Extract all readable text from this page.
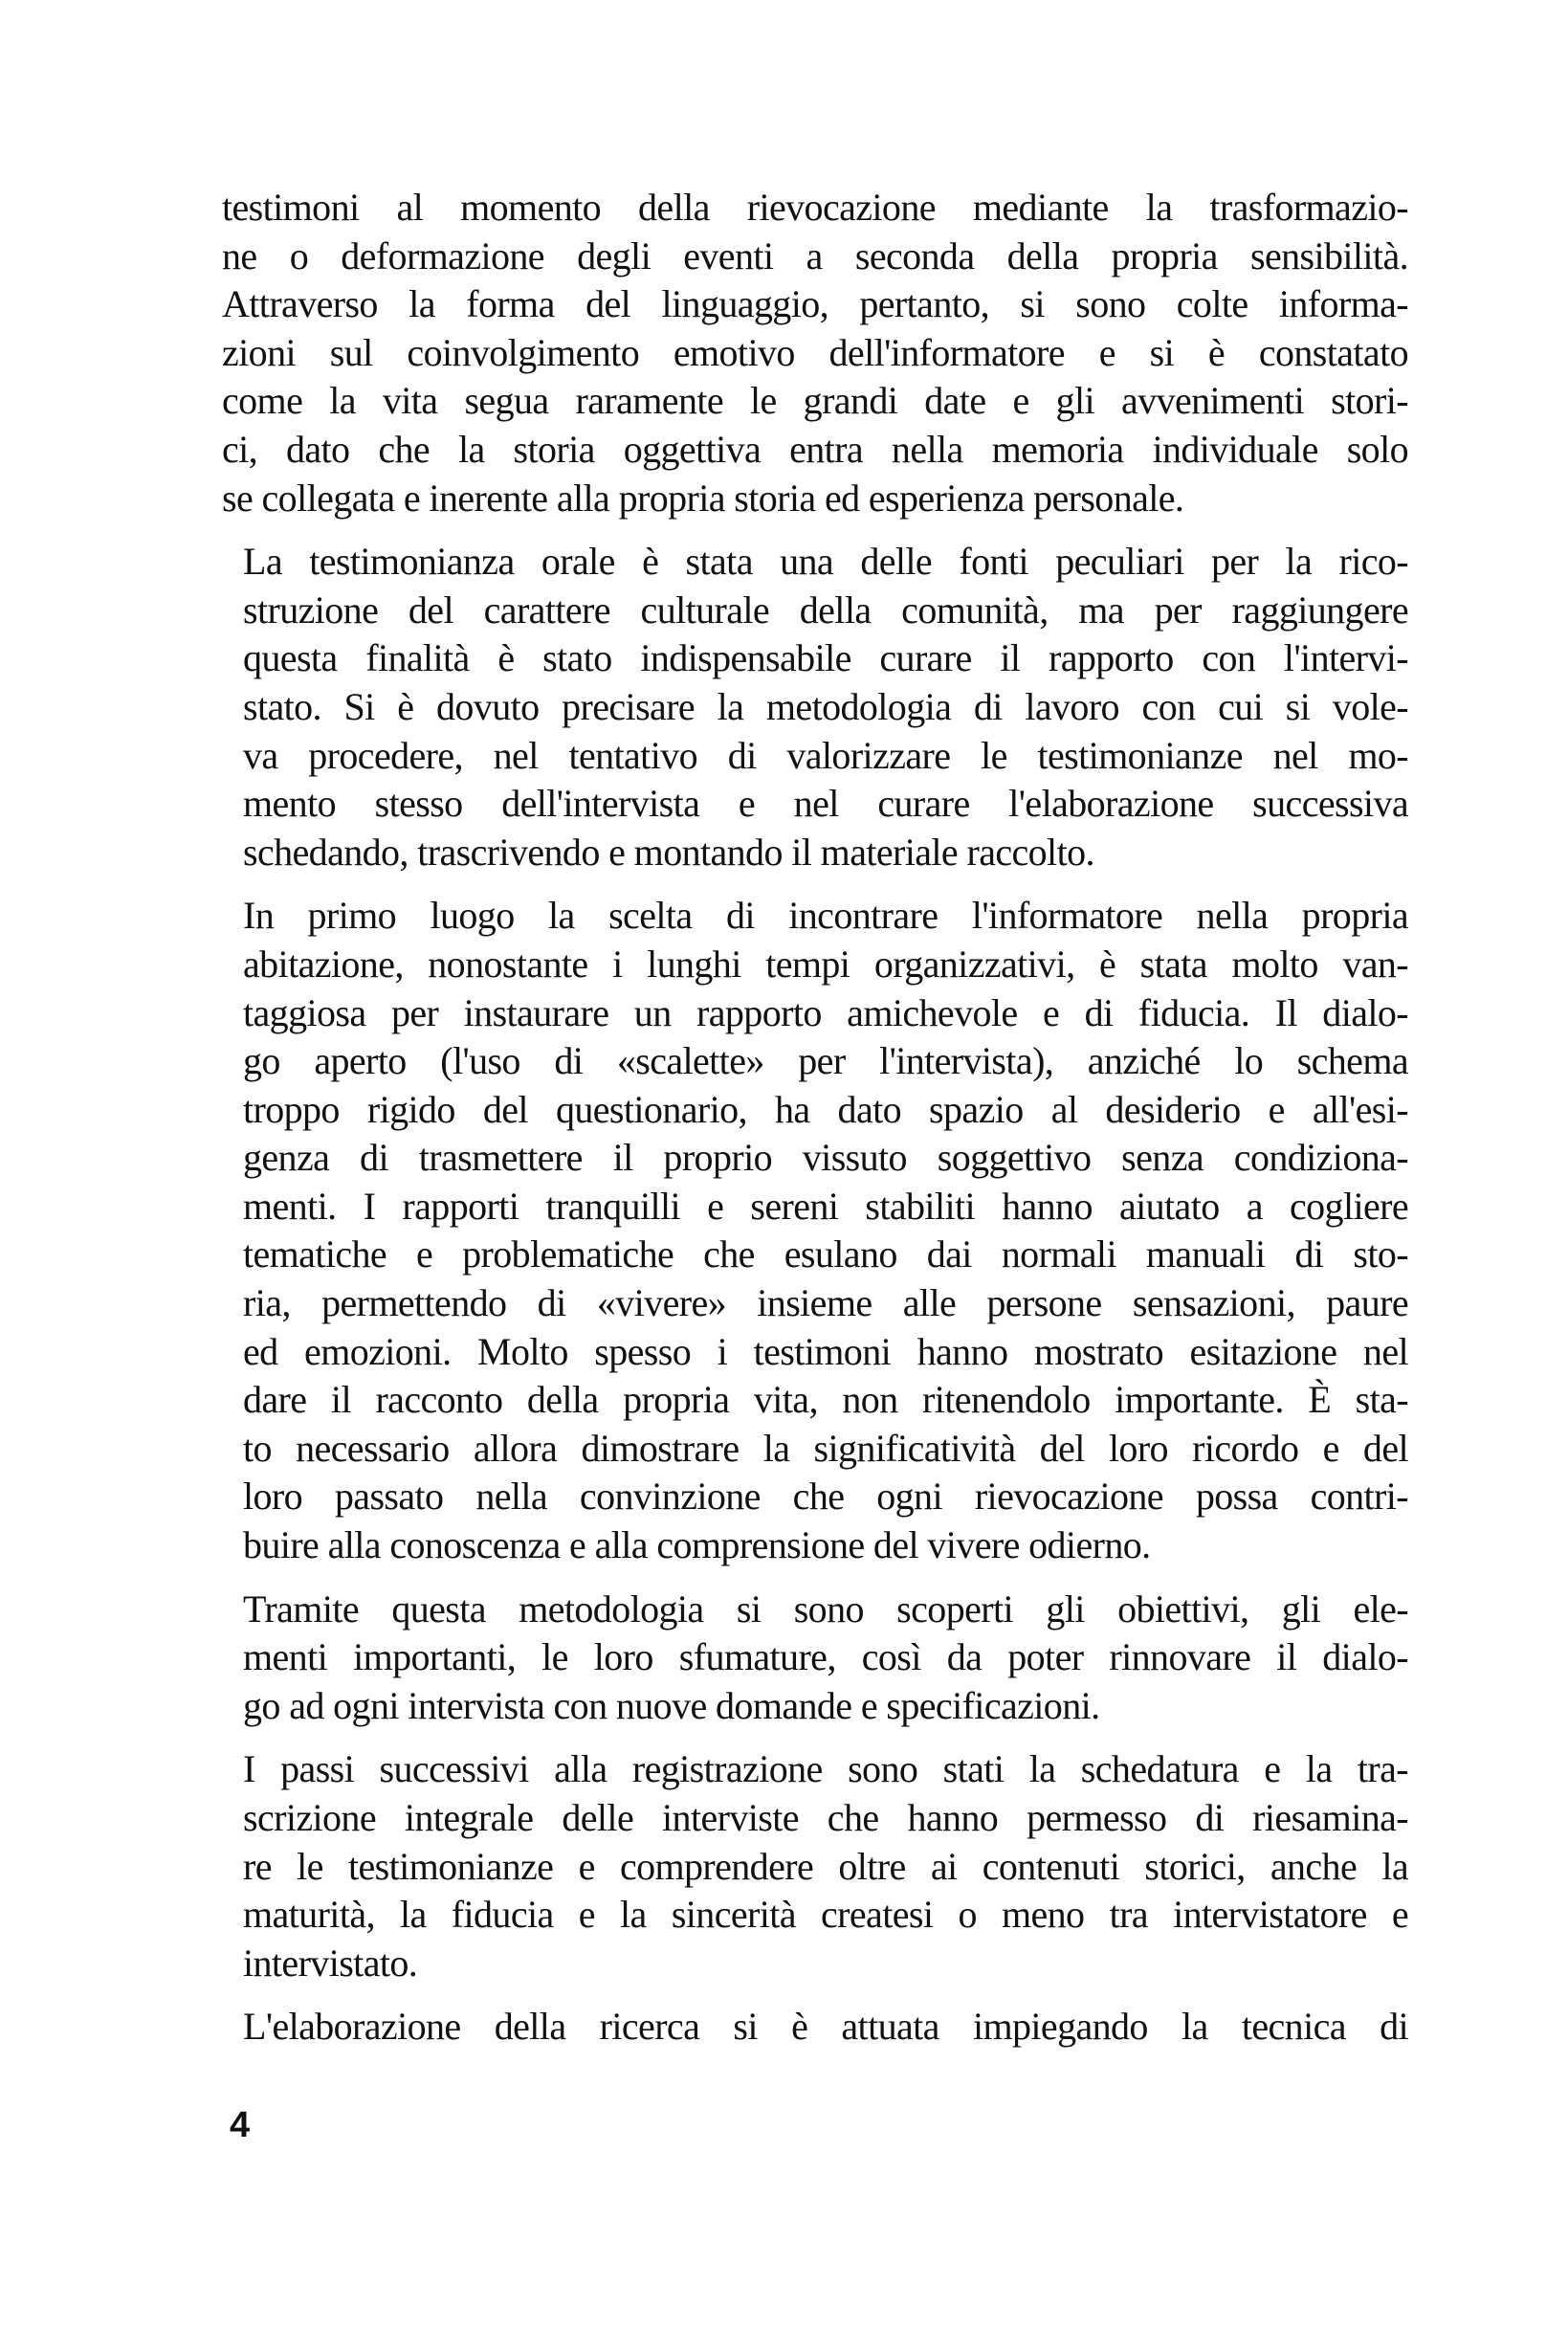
testimoni al momento della rievocazione mediante la trasformazio-
ne o deformazione degli eventi a seconda della propria sensibilità.
Attraverso la forma del linguaggio, pertanto, si sono colte informa-
zioni sul coinvolgimento emotivo dell'informatore e si è constatato
come la vita segua raramente le grandi date e gli avvenimenti stori-
ci, dato che la storia oggettiva entra nella memoria individuale solo
se collegata e inerente alla propria storia ed esperienza personale.

La testimonianza orale è stata una delle fonti peculiari per la rico-
struzione del carattere culturale della comunità, ma per raggiungere
questa finalità è stato indispensabile curare il rapporto con l'intervi-
stato. Si è dovuto precisare la metodologia di lavoro con cui si vole-
va procedere, nel tentativo di valorizzare le testimonianze nel mo-
mento stesso dell'intervista e nel curare l'elaborazione successiva
schedando, trascrivendo e montando il materiale raccolto.

In primo luogo la scelta di incontrare l'informatore nella propria
abitazione, nonostante i lunghi tempi organizzativi, è stata molto van-
taggiosa per instaurare un rapporto amichevole e di fiducia. Il dialo-
go aperto (l'uso di «scalette» per l'intervista), anziché lo schema
troppo rigido del questionario, ha dato spazio al desiderio e all'esi-
genza di trasmettere il proprio vissuto soggettivo senza condiziona-
menti. I rapporti tranquilli e sereni stabiliti hanno aiutato a cogliere
tematiche e problematiche che esulano dai normali manuali di sto-
ria, permettendo di «vivere» insieme alle persone sensazioni, paure
ed emozioni. Molto spesso i testimoni hanno mostrato esitazione nel
dare il racconto della propria vita, non ritenendolo importante. È sta-
to necessario allora dimostrare la significatività del loro ricordo e del
loro passato nella convinzione che ogni rievocazione possa contri-
buire alla conoscenza e alla comprensione del vivere odierno.

Tramite questa metodologia si sono scoperti gli obiettivi, gli ele-
menti importanti, le loro sfumature, così da poter rinnovare il dialo-
go ad ogni intervista con nuove domande e specificazioni.

I passi successivi alla registrazione sono stati la schedatura e la tra-
scrizione integrale delle interviste che hanno permesso di riesamina-
re le testimonianze e comprendere oltre ai contenuti storici, anche la
maturità, la fiducia e la sincerità createsi o meno tra intervistatore e
intervistato.

L'elaborazione della ricerca si è attuata impiegando la tecnica di

4
